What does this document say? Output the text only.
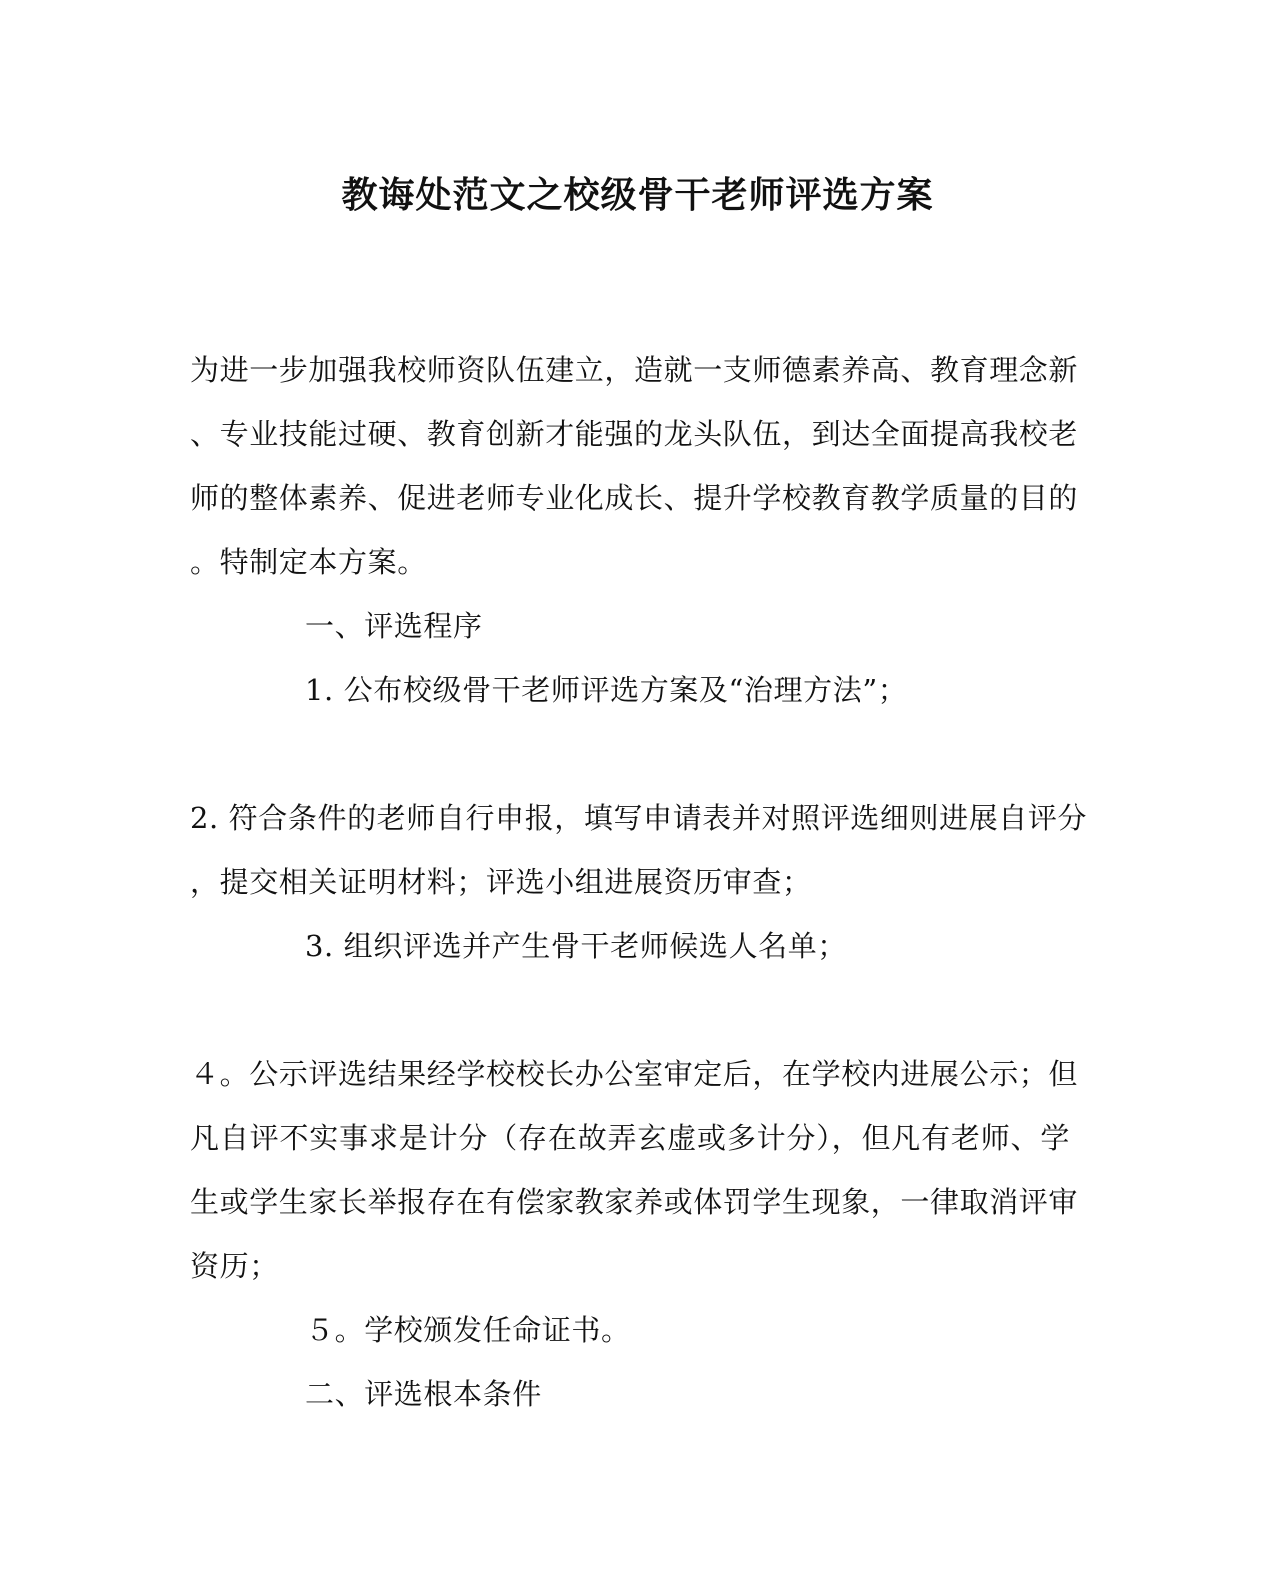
教诲处范文之校级骨干老师评选方案
为进一步加强我校师资队伍建立，造就一支师德素养高、教育理念新
、专业技能过硬、教育创新才能强的龙头队伍，到达全面提高我校老
师的整体素养、促进老师专业化成长、提升学校教育教学质量的目的
。特制定本方案。
一、评选程序
1. 公布校级骨干老师评选方案及“治理方法”；
2. 符合条件的老师自行申报，填写申请表并对照评选细则进展自评分
，提交相关证明材料；评选小组进展资历审查；
3. 组织评选并产生骨干老师候选人名单；
４。公示评选结果经学校校长办公室审定后，在学校内进展公示；但
凡自评不实事求是计分（存在故弄玄虚或多计分），但凡有老师、学
生或学生家长举报存在有偿家教家养或体罚学生现象，一律取消评审
资历；
５。学校颁发任命证书。
二、评选根本条件
